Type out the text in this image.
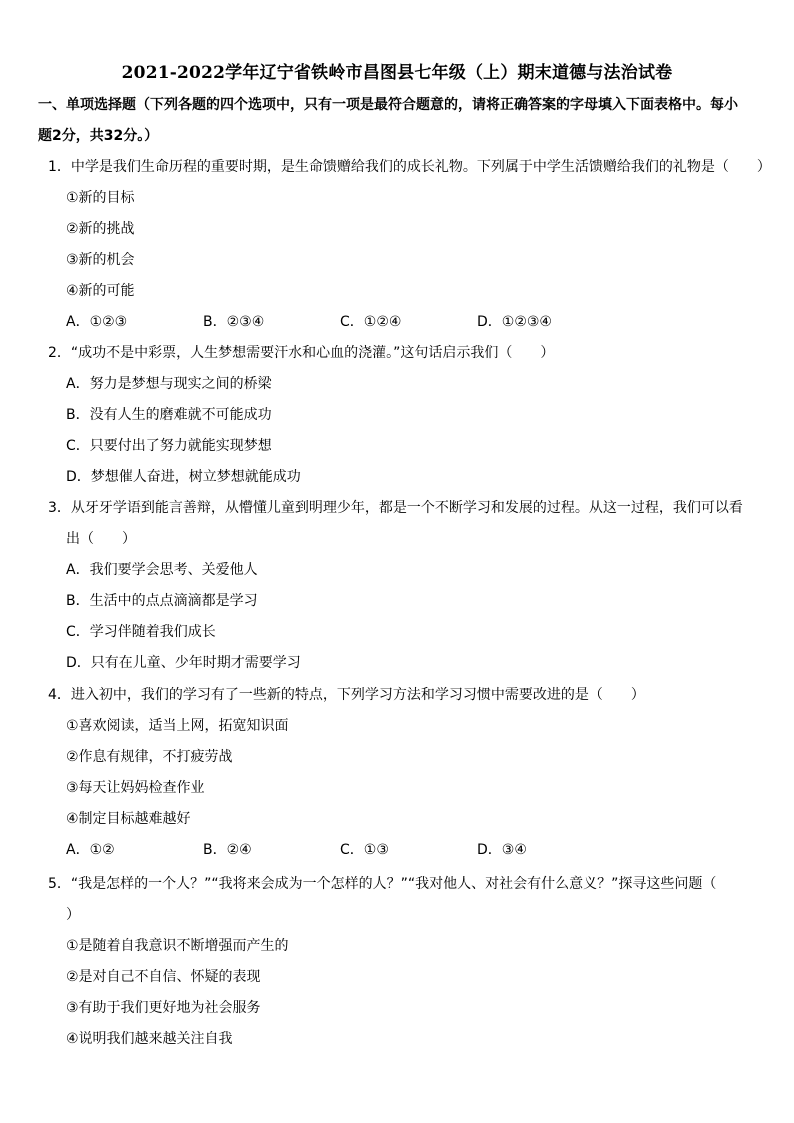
2021-2022学年辽宁省铁岭市昌图县七年级（上）期末道德与法治试卷
一、单项选择题（下列各题的四个选项中，只有一项是最符合题意的，请将正确答案的字母填入下面表格中。每小
题2分，共32分。）
1．中学是我们生命历程的重要时期，是生命馈赠给我们的成长礼物。下列属于中学生活馈赠给我们的礼物是（　　）
①新的目标
②新的挑战
③新的机会
④新的可能
A．①②③	B．②③④	C．①②④	D．①②③④
2．“成功不是中彩票，人生梦想需要汗水和心血的浇灌。”这句话启示我们（　　）
A．努力是梦想与现实之间的桥梁
B．没有人生的磨难就不可能成功
C．只要付出了努力就能实现梦想
D．梦想催人奋进，树立梦想就能成功
3．从牙牙学语到能言善辩，从懵懂儿童到明理少年，都是一个不断学习和发展的过程。从这一过程，我们可以看
出（　　）
A．我们要学会思考、关爱他人
B．生活中的点点滴滴都是学习
C．学习伴随着我们成长
D．只有在儿童、少年时期才需要学习
4．进入初中，我们的学习有了一些新的特点，下列学习方法和学习习惯中需要改进的是（　　）
①喜欢阅读，适当上网，拓宽知识面
②作息有规律，不打疲劳战
③每天让妈妈检查作业
④制定目标越难越好
A．①②	B．②④	C．①③	D．③④
5．“我是怎样的一个人？”“我将来会成为一个怎样的人？”“我对他人、对社会有什么意义？”探寻这些问题（
）
①是随着自我意识不断增强而产生的
②是对自己不自信、怀疑的表现
③有助于我们更好地为社会服务
④说明我们越来越关注自我
